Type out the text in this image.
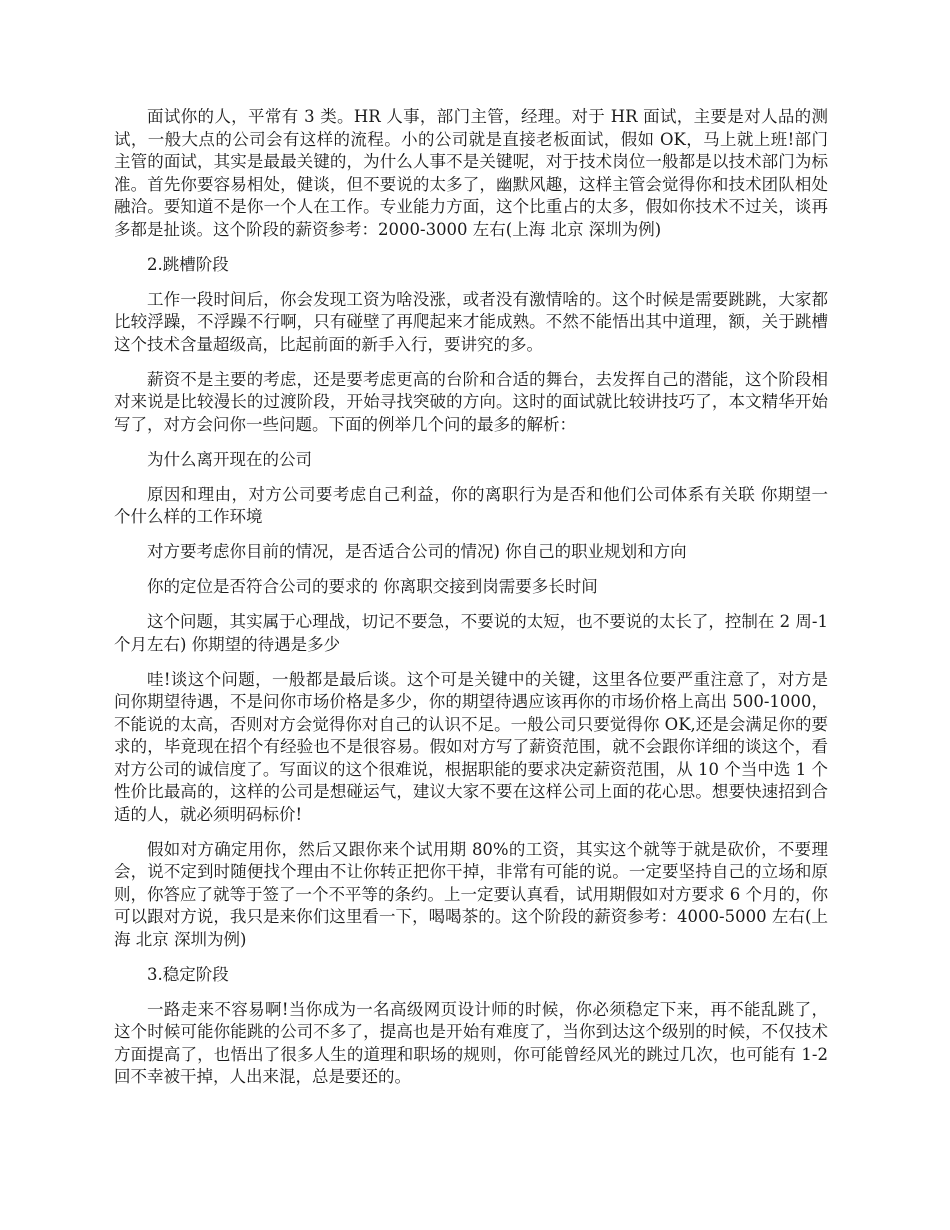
面试你的人，平常有 3 类。HR 人事，部门主管，经理。对于 HR 面试，主要是对人品的测试，一般大点的公司会有这样的流程。小的公司就是直接老板面试，假如 OK，马上就上班!部门主管的面试，其实是最最关键的，为什么人事不是关键呢，对于技术岗位一般都是以技术部门为标准。首先你要容易相处，健谈，但不要说的太多了，幽默风趣，这样主管会觉得你和技术团队相处融洽。要知道不是你一个人在工作。专业能力方面，这个比重占的太多，假如你技术不过关，谈再多都是扯谈。这个阶段的薪资参考：2000-3000 左右(上海 北京 深圳为例)

2.跳槽阶段

工作一段时间后，你会发现工资为啥没涨，或者没有激情啥的。这个时候是需要跳跳，大家都比较浮躁，不浮躁不行啊，只有碰壁了再爬起来才能成熟。不然不能悟出其中道理，额，关于跳槽这个技术含量超级高，比起前面的新手入行，要讲究的多。

薪资不是主要的考虑，还是要考虑更高的台阶和合适的舞台，去发挥自己的潜能，这个阶段相对来说是比较漫长的过渡阶段，开始寻找突破的方向。这时的面试就比较讲技巧了，本文精华开始写了，对方会问你一些问题。下面的例举几个问的最多的解析：

为什么离开现在的公司

原因和理由，对方公司要考虑自己利益，你的离职行为是否和他们公司体系有关联 你期望一个什么样的工作环境

对方要考虑你目前的情况，是否适合公司的情况) 你自己的职业规划和方向

你的定位是否符合公司的要求的 你离职交接到岗需要多长时间

这个问题，其实属于心理战，切记不要急，不要说的太短，也不要说的太长了，控制在 2 周-1 个月左右) 你期望的待遇是多少

哇!谈这个问题，一般都是最后谈。这个可是关键中的关键，这里各位要严重注意了，对方是问你期望待遇，不是问你市场价格是多少，你的期望待遇应该再你的市场价格上高出 500-1000，不能说的太高，否则对方会觉得你对自己的认识不足。一般公司只要觉得你 OK,还是会满足你的要求的，毕竟现在招个有经验也不是很容易。假如对方写了薪资范围，就不会跟你详细的谈这个，看对方公司的诚信度了。写面议的这个很难说，根据职能的要求决定薪资范围，从 10 个当中选 1 个性价比最高的，这样的公司是想碰运气，建议大家不要在这样公司上面的花心思。想要快速招到合适的人，就必须明码标价!

假如对方确定用你，然后又跟你来个试用期 80%的工资，其实这个就等于就是砍价，不要理会，说不定到时随便找个理由不让你转正把你干掉，非常有可能的说。一定要坚持自己的立场和原则，你答应了就等于签了一个不平等的条约。上一定要认真看，试用期假如对方要求 6 个月的，你可以跟对方说，我只是来你们这里看一下，喝喝茶的。这个阶段的薪资参考：4000-5000 左右(上海 北京 深圳为例)

3.稳定阶段

一路走来不容易啊!当你成为一名高级网页设计师的时候，你必须稳定下来，再不能乱跳了，这个时候可能你能跳的公司不多了，提高也是开始有难度了，当你到达这个级别的时候，不仅技术方面提高了，也悟出了很多人生的道理和职场的规则，你可能曾经风光的跳过几次，也可能有 1-2 回不幸被干掉，人出来混，总是要还的。
